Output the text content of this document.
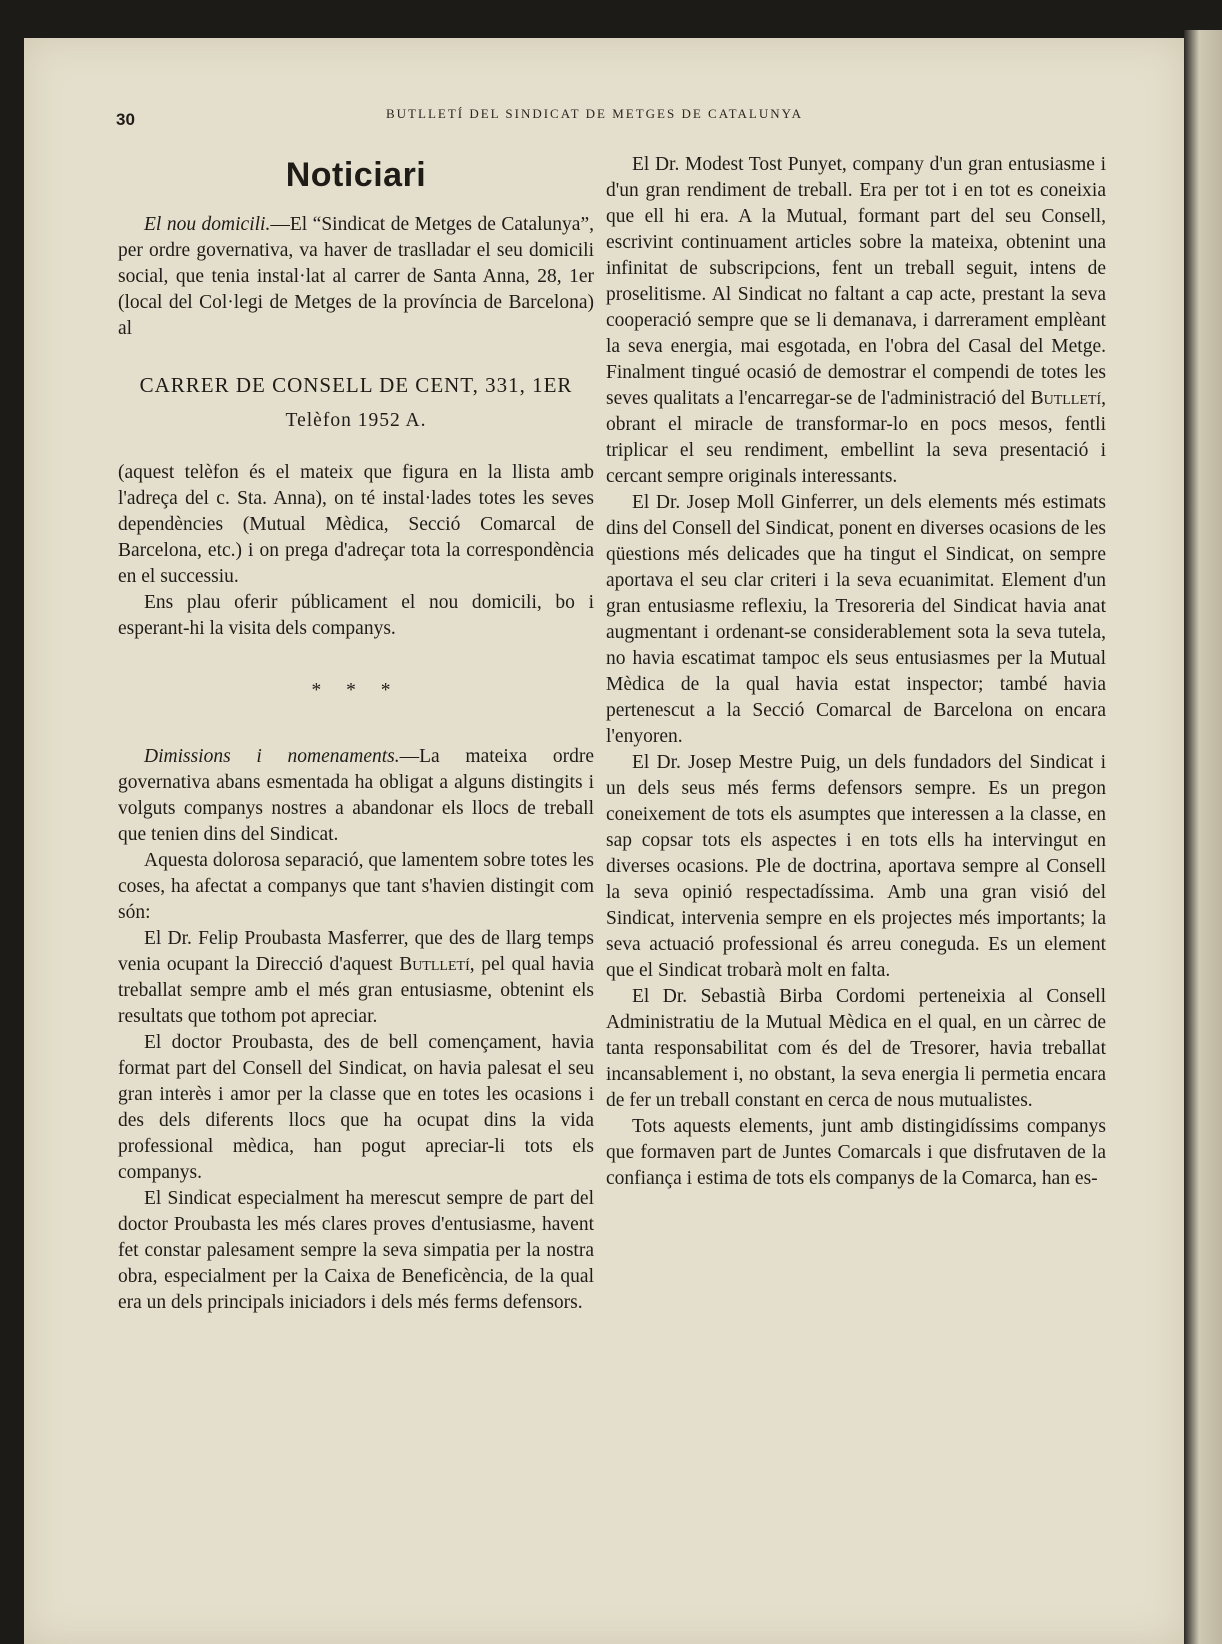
30	BUTLLETÍ DEL SINDICAT DE METGES DE CATALUNYA
Noticiari

El nou domicili.—El “Sindicat de Metges de Catalunya”, per ordre governativa, va haver de traslladar el seu domicili social, que tenia instal·lat al carrer de Santa Anna, 28, 1er (local del Col·legi de Metges de la província de Barcelona) al

CARRER DE CONSELL DE CENT, 331, 1ER
Telèfon 1952 A.

(aquest telèfon és el mateix que figura en la llista amb l'adreça del c. Sta. Anna), on té instal·lades totes les seves dependències (Mutual Mèdica, Secció Comarcal de Barcelona, etc.) i on prega d'adreçar tota la correspondència en el successiu.

Ens plau oferir públicament el nou domicili, bo i esperant-hi la visita dels companys.

* * *

Dimissions i nomenaments.—La mateixa ordre governativa abans esmentada ha obligat a alguns distingits i volguts companys nostres a abandonar els llocs de treball que tenien dins del Sindicat.

Aquesta dolorosa separació, que lamentem sobre totes les coses, ha afectat a companys que tant s'havien distingit com són:

El Dr. Felip Proubasta Masferrer, que des de llarg temps venia ocupant la Direcció d'aquest Butlletí, pel qual havia treballat sempre amb el més gran entusiasme, obtenint els resultats que tothom pot apreciar.

El doctor Proubasta, des de bell començament, havia format part del Consell del Sindicat, on havia palesat el seu gran interès i amor per la classe que en totes les ocasions i des dels diferents llocs que ha ocupat dins la vida professional mèdica, han pogut apreciar-li tots els companys.

El Sindicat especialment ha merescut sempre de part del doctor Proubasta les més clares proves d'entusiasme, havent fet constar palesament sempre la seva simpatia per la nostra obra, especialment per la Caixa de Beneficència, de la qual era un dels principals iniciadors i dels més ferms defensors.

El Dr. Modest Tost Punyet, company d'un gran entusiasme i d'un gran rendiment de treball. Era per tot i en tot es coneixia que ell hi era. A la Mutual, formant part del seu Consell, escrivint continuament articles sobre la mateixa, obtenint una infinitat de subscripcions, fent un treball seguit, intens de proselitisme. Al Sindicat no faltant a cap acte, prestant la seva cooperació sempre que se li demanava, i darrerament emplèant la seva energia, mai esgotada, en l'obra del Casal del Metge. Finalment tingué ocasió de demostrar el compendi de totes les seves qualitats a l'encarregar-se de l'administració del Butlletí, obrant el miracle de transformar-lo en pocs mesos, fentli triplicar el seu rendiment, embellint la seva presentació i cercant sempre originals interessants.

El Dr. Josep Moll Ginferrer, un dels elements més estimats dins del Consell del Sindicat, ponent en diverses ocasions de les qüestions més delicades que ha tingut el Sindicat, on sempre aportava el seu clar criteri i la seva ecuanimitat. Element d'un gran entusiasme reflexiu, la Tresoreria del Sindicat havia anat augmentant i ordenant-se considerablement sota la seva tutela, no havia escatimat tampoc els seus entusiasmes per la Mutual Mèdica de la qual havia estat inspector; també havia pertenescut a la Secció Comarcal de Barcelona on encara l'enyoren.

El Dr. Josep Mestre Puig, un dels fundadors del Sindicat i un dels seus més ferms defensors sempre. Es un pregon coneixement de tots els asumptes que interessen a la classe, en sap copsar tots els aspectes i en tots ells ha intervingut en diverses ocasions. Ple de doctrina, aportava sempre al Consell la seva opinió respectadíssima. Amb una gran visió del Sindicat, intervenia sempre en els projectes més importants; la seva actuació professional és arreu coneguda. Es un element que el Sindicat trobarà molt en falta.

El Dr. Sebastià Birba Cordomi perteneixia al Consell Administratiu de la Mutual Mèdica en el qual, en un càrrec de tanta responsabilitat com és del de Tresorer, havia treballat incansablement i, no obstant, la seva energia li permetia encara de fer un treball constant en cerca de nous mutualistes.

Tots aquests elements, junt amb distingidíssims companys que formaven part de Juntes Comarcals i que disfrutaven de la confiança i estima de tots els companys de la Comarca, han es-
